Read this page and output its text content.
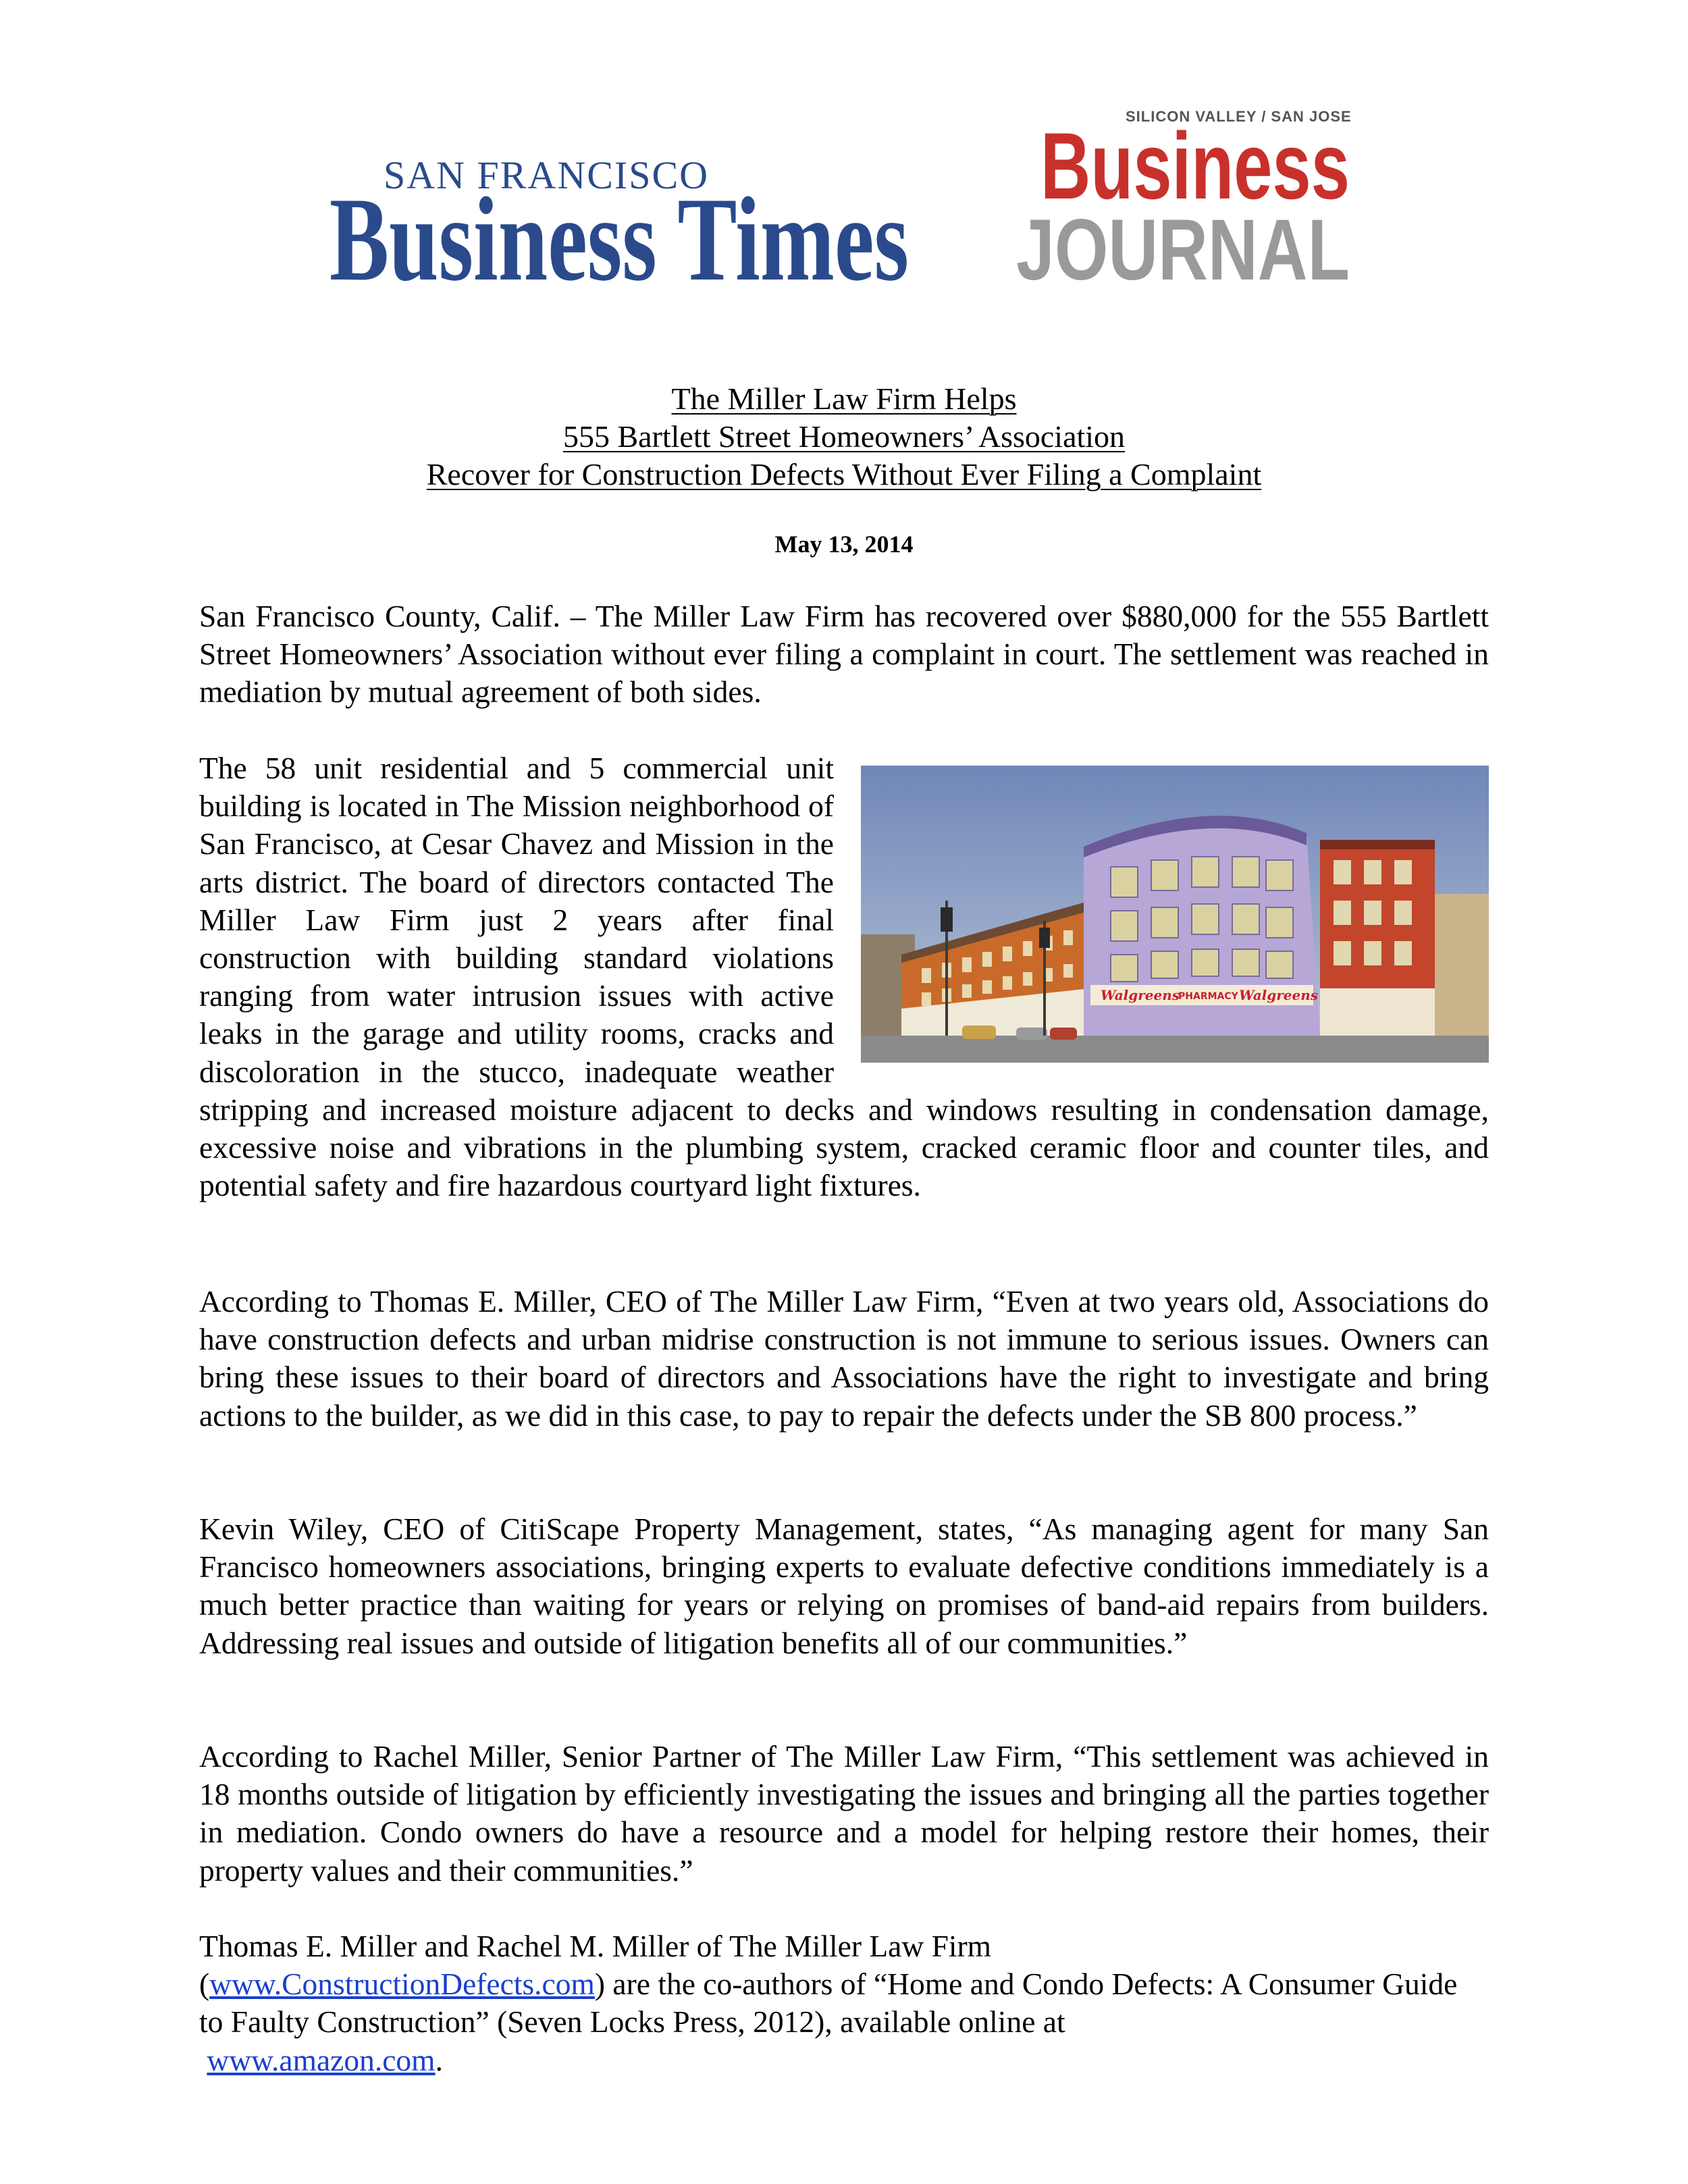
SAN FRANCISCO
Business Times
SILICON VALLEY / SAN JOSE
Business
JOURNAL
The Miller Law Firm Helps
555 Bartlett Street Homeowners’ Association
Recover for Construction Defects Without Ever Filing a Complaint
May 13, 2014

San Francisco County, Calif. – The Miller Law Firm has recovered over $880,000 for the 555 Bartlett Street Homeowners’ Association without ever filing a complaint in court. The settlement was reached in mediation by mutual agreement of both sides.

Walgreens
PHARMACY Walgreens
The 58 unit residential and 5 commercial unit building is located in The Mission neighborhood of San Francisco, at Cesar Chavez and Mission in the arts district. The board of directors contacted The Miller Law Firm just 2 years after final construction with building standard violations ranging from water intrusion issues with active leaks in the garage and utility rooms, cracks and discoloration in the stucco, inadequate weather stripping and increased moisture adjacent to decks and windows resulting in condensation damage, excessive noise and vibrations in the plumbing system, cracked ceramic floor and counter tiles, and potential safety and fire hazardous courtyard light fixtures.

According to Thomas E. Miller, CEO of The Miller Law Firm, “Even at two years old, Associations do have construction defects and urban midrise construction is not immune to serious issues. Owners can bring these issues to their board of directors and Associations have the right to investigate and bring actions to the builder, as we did in this case, to pay to repair the defects under the SB 800 process.”

Kevin Wiley, CEO of CitiScape Property Management, states, “As managing agent for many San Francisco homeowners associations, bringing experts to evaluate defective conditions immediately is a much better practice than waiting for years or relying on promises of band-aid repairs from builders. Addressing real issues and outside of litigation benefits all of our communities.”

According to Rachel Miller, Senior Partner of The Miller Law Firm, “This settlement was achieved in 18 months outside of litigation by efficiently investigating the issues and bringing all the parties together in mediation. Condo owners do have a resource and a model for helping restore their homes, their property values and their communities.”

Thomas E. Miller and Rachel M. Miller of The Miller Law Firm
(www.ConstructionDefects.com) are the co-authors of “Home and Condo Defects: A Consumer Guide to Faulty Construction” (Seven Locks Press, 2012), available online at
www.amazon.com.
